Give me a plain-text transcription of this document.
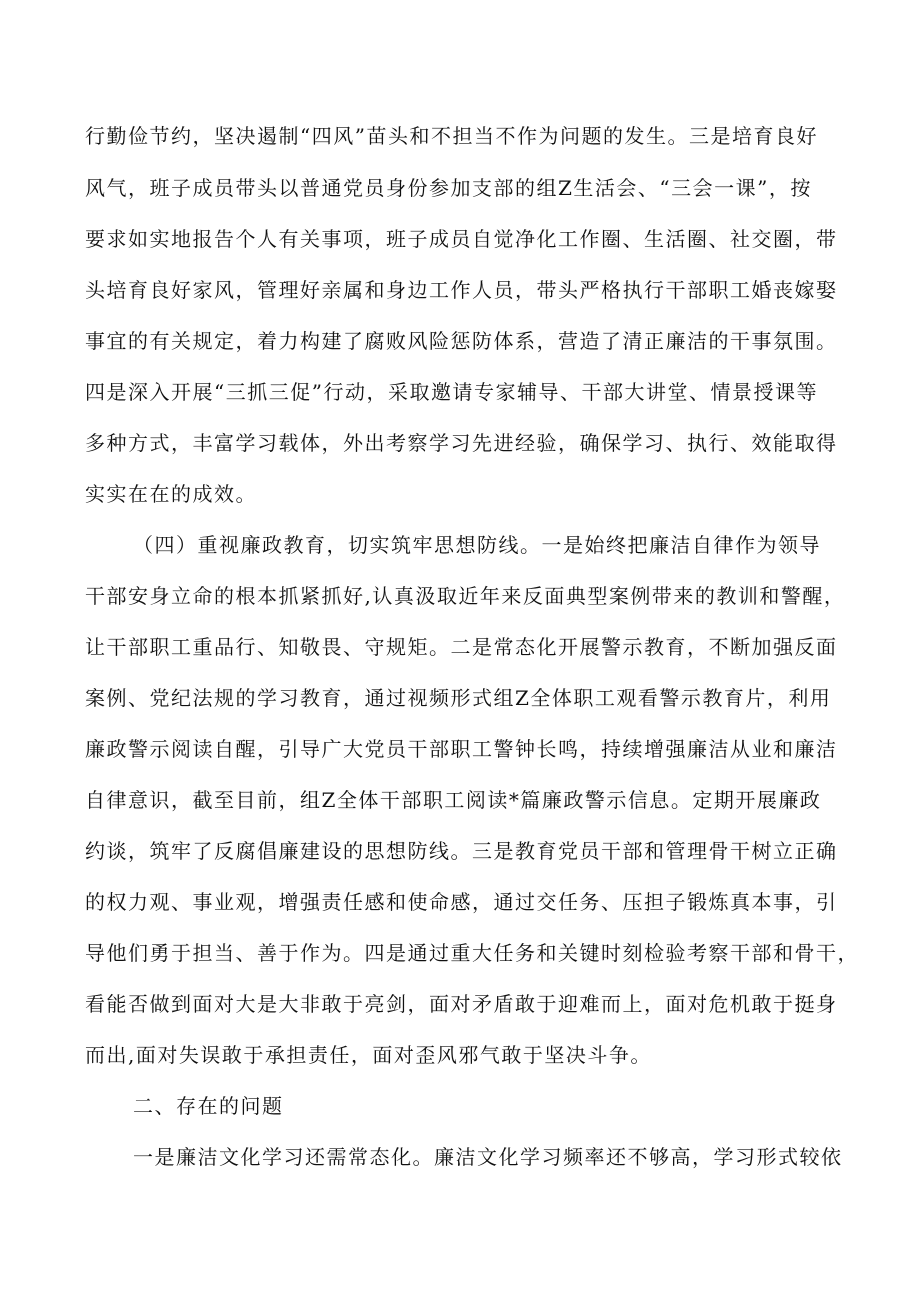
行勤俭节约，坚决遏制“四风”苗头和不担当不作为问题的发生。三是培育良好
风气，班子成员带头以普通党员身份参加支部的组Z生活会、“三会一课”，按
要求如实地报告个人有关事项，班子成员自觉净化工作圈、生活圈、社交圈，带
头培育良好家风，管理好亲属和身边工作人员，带头严格执行干部职工婚丧嫁娶
事宜的有关规定，着力构建了腐败风险惩防体系，营造了清正廉洁的干事氛围。
四是深入开展“三抓三促”行动，采取邀请专家辅导、干部大讲堂、情景授课等
多种方式，丰富学习载体，外出考察学习先进经验，确保学习、执行、效能取得
实实在在的成效。
（四）重视廉政教育，切实筑牢思想防线。一是始终把廉洁自律作为领导
干部安身立命的根本抓紧抓好,认真汲取近年来反面典型案例带来的教训和警醒，
让干部职工重品行、知敬畏、守规矩。二是常态化开展警示教育，不断加强反面
案例、党纪法规的学习教育，通过视频形式组Z全体职工观看警示教育片，利用
廉政警示阅读自醒，引导广大党员干部职工警钟长鸣，持续增强廉洁从业和廉洁
自律意识，截至目前，组Z全体干部职工阅读*篇廉政警示信息。定期开展廉政
约谈，筑牢了反腐倡廉建设的思想防线。三是教育党员干部和管理骨干树立正确
的权力观、事业观，增强责任感和使命感，通过交任务、压担子锻炼真本事，引
导他们勇于担当、善于作为。四是通过重大任务和关键时刻检验考察干部和骨干，
看能否做到面对大是大非敢于亮剑，面对矛盾敢于迎难而上，面对危机敢于挺身
而出,面对失误敢于承担责任，面对歪风邪气敢于坚决斗争。
二、存在的问题
一是廉洁文化学习还需常态化。廉洁文化学习频率还不够高，学习形式较依
